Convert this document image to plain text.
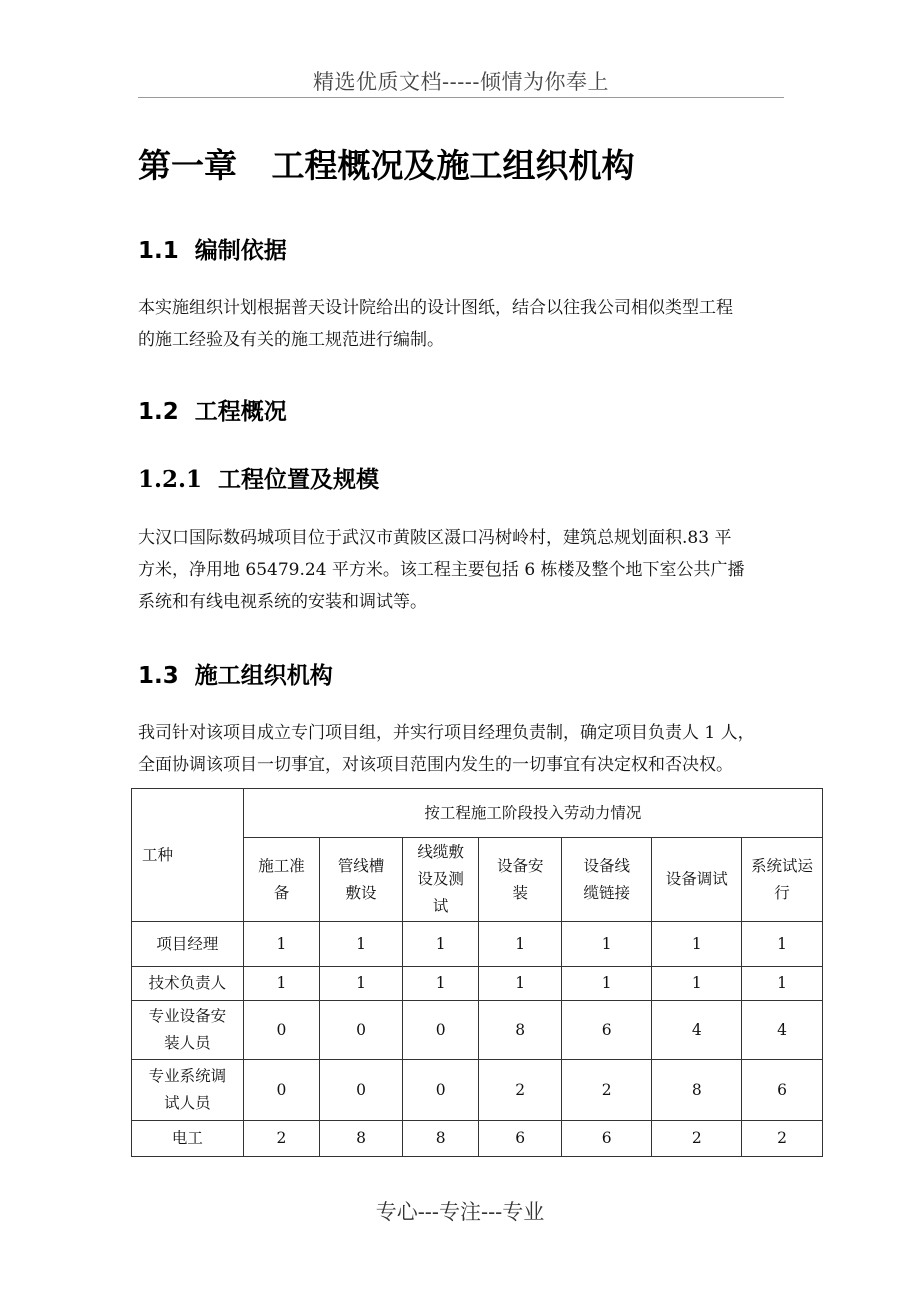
精选优质文档-----倾情为你奉上
第一章   工程概况及施工组织机构
1.1  编制依据
本实施组织计划根据普天设计院给出的设计图纸，结合以往我公司相似类型工程
的施工经验及有关的施工规范进行编制。
1.2  工程概况
1.2.1  工程位置及规模
大汉口国际数码城项目位于武汉市黄陂区滠口冯树岭村，建筑总规划面积.83 平
方米，净用地 65479.24 平方米。该工程主要包括 6 栋楼及整个地下室公共广播
系统和有线电视系统的安装和调试等。
1.3  施工组织机构
我司针对该项目成立专门项目组，并实行项目经理负责制，确定项目负责人 1 人，
全面协调该项目一切事宜，对该项目范围内发生的一切事宜有决定权和否决权。
工种	按工程施工阶段投入劳动力情况						
	施工准备	管线槽敷设	线缆敷设及测试	设备安装	设备线缆链接	设备调试	系统试运行
项目经理	1	1	1	1	1	1	1
技术负责人	1	1	1	1	1	1	1
专业设备安装人员	0	0	0	8	6	4	4
专业系统调试人员	0	0	0	2	2	8	6
电工	2	8	8	6	6	2	2
专心---专注---专业
